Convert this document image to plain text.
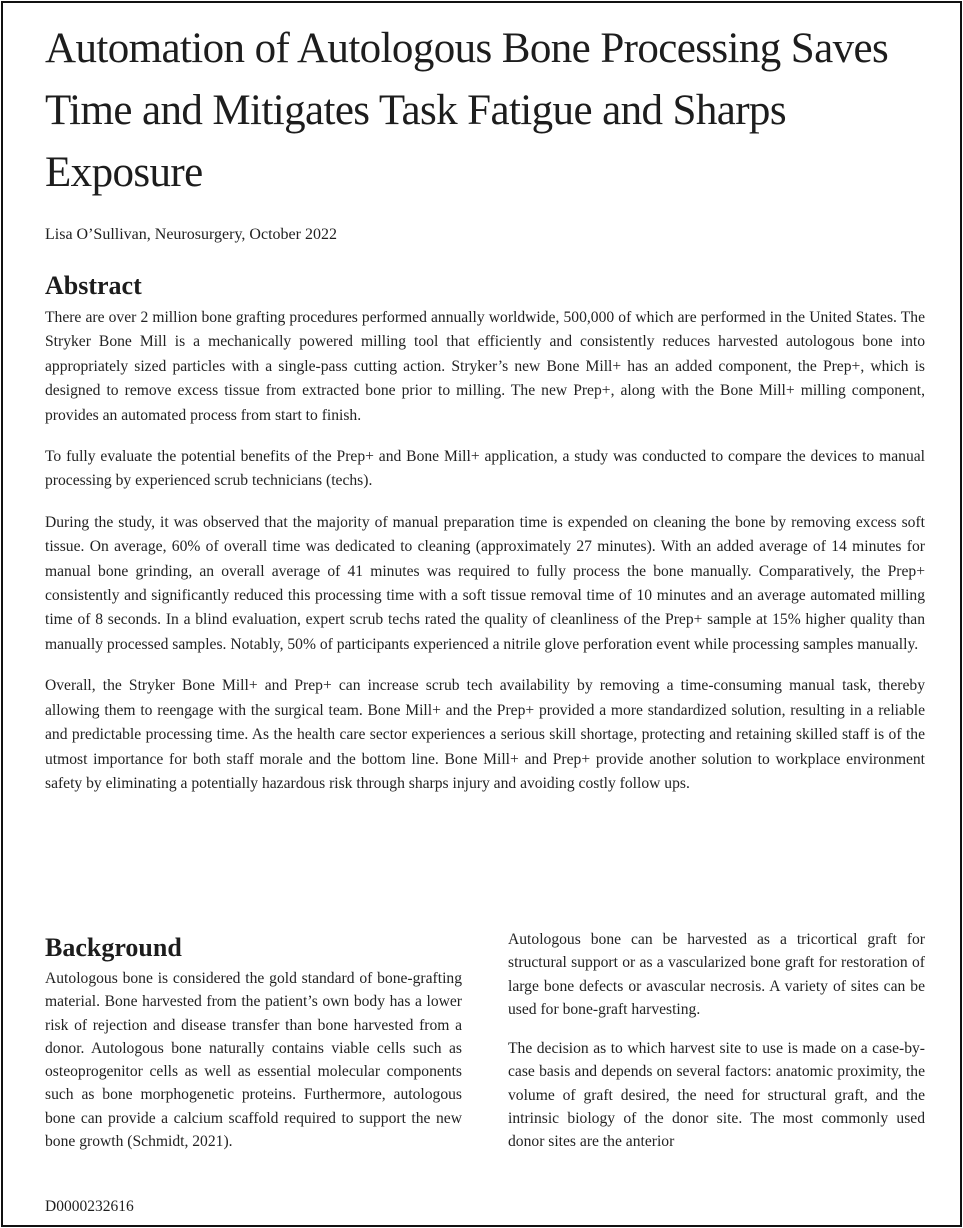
Automation of Autologous Bone Processing Saves Time and Mitigates Task Fatigue and Sharps Exposure
Lisa O’Sullivan, Neurosurgery, October 2022
Abstract

There are over 2 million bone grafting procedures performed annually worldwide, 500,000 of which are performed in the United States. The Stryker Bone Mill is a mechanically powered milling tool that efficiently and consistently reduces harvested autologous bone into appropriately sized particles with a single-pass cutting action. Stryker’s new Bone Mill+ has an added component, the Prep+, which is designed to remove excess tissue from extracted bone prior to milling. The new Prep+, along with the Bone Mill+ milling component, provides an automated process from start to finish.

To fully evaluate the potential benefits of the Prep+ and Bone Mill+ application, a study was conducted to compare the devices to manual processing by experienced scrub technicians (techs).

During the study, it was observed that the majority of manual preparation time is expended on cleaning the bone by removing excess soft tissue. On average, 60% of overall time was dedicated to cleaning (approximately 27 minutes). With an added average of 14 minutes for manual bone grinding, an overall average of 41 minutes was required to fully process the bone manually. Comparatively, the Prep+ consistently and significantly reduced this processing time with a soft tissue removal time of 10 minutes and an average automated milling time of 8 seconds. In a blind evaluation, expert scrub techs rated the quality of cleanliness of the Prep+ sample at 15% higher quality than manually processed samples. Notably, 50% of participants experienced a nitrile glove perforation event while processing samples manually.

Overall, the Stryker Bone Mill+ and Prep+ can increase scrub tech availability by removing a time-consuming manual task, thereby allowing them to reengage with the surgical team. Bone Mill+ and the Prep+ provided a more standardized solution, resulting in a reliable and predictable processing time. As the health care sector experiences a serious skill shortage, protecting and retaining skilled staff is of the utmost importance for both staff morale and the bottom line. Bone Mill+ and Prep+ provide another solution to workplace environment safety by eliminating a potentially hazardous risk through sharps injury and avoiding costly follow ups.

Background

Autologous bone is considered the gold standard of bone-grafting material. Bone harvested from the patient’s own body has a lower risk of rejection and disease transfer than bone harvested from a donor. Autologous bone naturally contains viable cells such as osteoprogenitor cells as well as essential molecular components such as bone morphogenetic proteins. Furthermore, autologous bone can provide a calcium scaffold required to support the new bone growth (Schmidt, 2021).

Autologous bone can be harvested as a tricortical graft for structural support or as a vascularized bone graft for restoration of large bone defects or avascular necrosis. A variety of sites can be used for bone-graft harvesting.

The decision as to which harvest site to use is made on a case-by-case basis and depends on several factors: anatomic proximity, the volume of graft desired, the need for structural graft, and the intrinsic biology of the donor site. The most commonly used donor sites are the anterior

D0000232616
